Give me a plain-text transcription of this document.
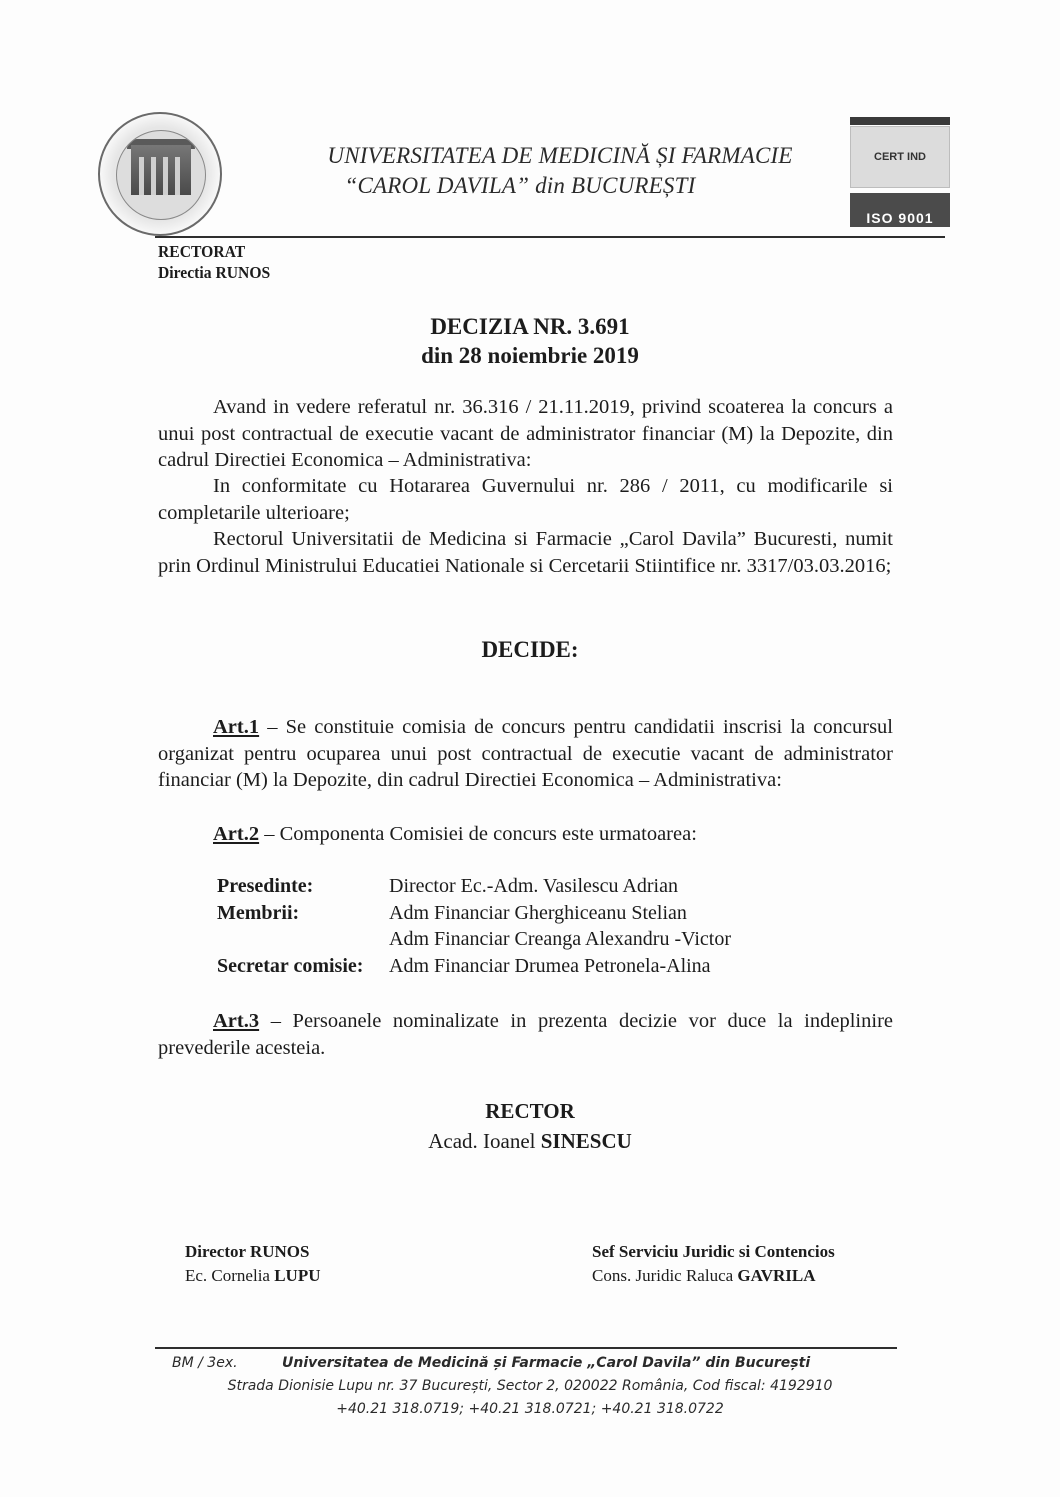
UNIVERSITATEA DE MEDICINĂ ȘI FARMACIE
“CAROL DAVILA” din BUCUREȘTI
CERT IND
ISO 9001
RECTORAT
Directia RUNOS
DECIZIA NR. 3.691
din 28 noiembrie 2019
Avand in vedere referatul nr. 36.316 / 21.11.2019, privind scoaterea la concurs a unui post contractual de executie vacant de administrator financiar (M) la Depozite, din cadrul Directiei Economica – Administrativa:
In conformitate cu Hotararea Guvernului nr. 286 / 2011, cu modificarile si completarile ulterioare;
Rectorul Universitatii de Medicina si Farmacie „Carol Davila” Bucuresti, numit prin Ordinul Ministrului Educatiei Nationale si Cercetarii Stiintifice nr. 3317/03.03.2016;
DECIDE:
Art.1 – Se constituie comisia de concurs pentru candidatii inscrisi la concursul organizat pentru ocuparea unui post contractual de executie vacant de administrator financiar (M) la Depozite, din cadrul Directiei Economica – Administrativa:
Art.2 – Componenta Comisiei de concurs este urmatoarea:
Presedinte:	Director Ec.-Adm. Vasilescu Adrian
Membrii:	Adm Financiar Gherghiceanu Stelian
Adm Financiar Creanga Alexandru -Victor
Secretar comisie:	Adm Financiar Drumea Petronela-Alina
Art.3 – Persoanele nominalizate in prezenta decizie vor duce la indeplinire prevederile acesteia.
RECTOR
Acad. Ioanel SINESCU
Director RUNOS
Ec. Cornelia LUPU
Sef Serviciu Juridic si Contencios
Cons. Juridic Raluca GAVRILA
BM / 3ex.	Universitatea de Medicină și Farmacie „Carol Davila” din București
Strada Dionisie Lupu nr. 37 București, Sector 2, 020022 România, Cod fiscal: 4192910
+40.21 318.0719; +40.21 318.0721; +40.21 318.0722
